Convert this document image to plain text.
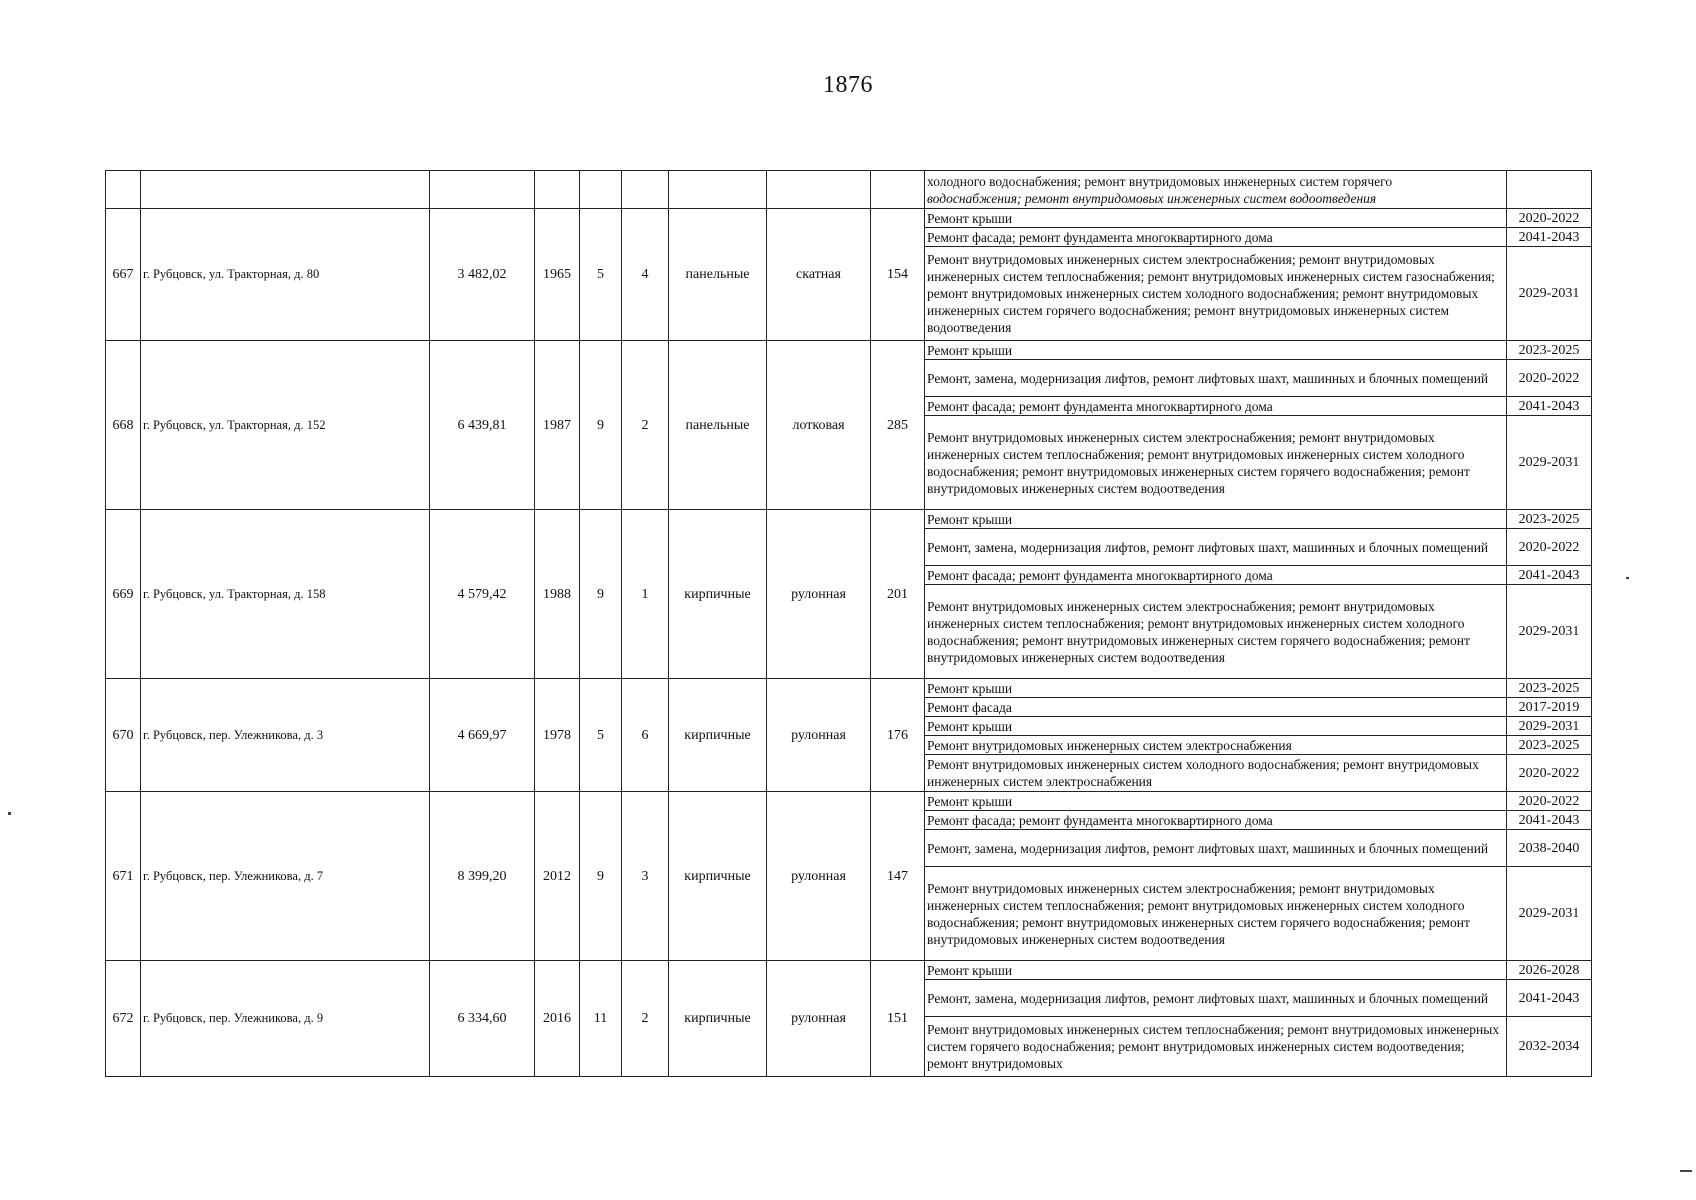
1876

									холодного водоснабжения; ремонт внутридомовых инженерных систем горячего
водоснабжения; ремонт внутридомовых инженерных систем водоотведения	

667	г. Рубцовск, ул. Тракторная, д. 80	3 482,02	1965	5	4	панельные	скатная	154	Ремонт крыши	2020-2022
									Ремонт фасада; ремонт фундамента многоквартирного дома	2041-2043
									Ремонт внутридомовых инженерных систем электроснабжения; ремонт внутридомовых инженерных систем теплоснабжения; ремонт внутридомовых инженерных систем газоснабжения; ремонт внутридомовых инженерных систем холодного водоснабжения; ремонт внутридомовых инженерных систем горячего водоснабжения; ремонт внутридомовых инженерных систем водоотведения	2029-2031
668	г. Рубцовск, ул. Тракторная, д. 152	6 439,81	1987	9	2	панельные	лотковая	285	Ремонт крыши	2023-2025
									Ремонт, замена, модернизация лифтов, ремонт лифтовых шахт, машинных и блочных помещений	2020-2022
									Ремонт фасада; ремонт фундамента многоквартирного дома	2041-2043
									Ремонт внутридомовых инженерных систем электроснабжения; ремонт внутридомовых инженерных систем теплоснабжения; ремонт внутридомовых инженерных систем холодного водоснабжения; ремонт внутридомовых инженерных систем горячего водоснабжения; ремонт внутридомовых инженерных систем водоотведения	2029-2031
669	г. Рубцовск, ул. Тракторная, д. 158	4 579,42	1988	9	1	кирпичные	рулонная	201	Ремонт крыши	2023-2025
									Ремонт, замена, модернизация лифтов, ремонт лифтовых шахт, машинных и блочных помещений	2020-2022
									Ремонт фасада; ремонт фундамента многоквартирного дома	2041-2043
									Ремонт внутридомовых инженерных систем электроснабжения; ремонт внутридомовых инженерных систем теплоснабжения; ремонт внутридомовых инженерных систем холодного водоснабжения; ремонт внутридомовых инженерных систем горячего водоснабжения; ремонт внутридомовых инженерных систем водоотведения	2029-2031
670	г. Рубцовск, пер. Улежникова, д. 3	4 669,97	1978	5	6	кирпичные	рулонная	176	Ремонт крыши	2023-2025
									Ремонт фасада	2017-2019
									Ремонт крыши	2029-2031
									Ремонт внутридомовых инженерных систем электроснабжения	2023-2025
									Ремонт внутридомовых инженерных систем холодного водоснабжения; ремонт внутридомовых инженерных систем электроснабжения	2020-2022
671	г. Рубцовск, пер. Улежникова, д. 7	8 399,20	2012	9	3	кирпичные	рулонная	147	Ремонт крыши	2020-2022
									Ремонт фасада; ремонт фундамента многоквартирного дома	2041-2043
									Ремонт, замена, модернизация лифтов, ремонт лифтовых шахт, машинных и блочных помещений	2038-2040
									Ремонт внутридомовых инженерных систем электроснабжения; ремонт внутридомовых инженерных систем теплоснабжения; ремонт внутридомовых инженерных систем холодного водоснабжения; ремонт внутридомовых инженерных систем горячего водоснабжения; ремонт внутридомовых инженерных систем водоотведения	2029-2031
672	г. Рубцовск, пер. Улежникова, д. 9	6 334,60	2016	11	2	кирпичные	рулонная	151	Ремонт крыши	2026-2028
									Ремонт, замена, модернизация лифтов, ремонт лифтовых шахт, машинных и блочных помещений	2041-2043
									Ремонт внутридомовых инженерных систем теплоснабжения; ремонт внутридомовых инженерных систем горячего водоснабжения; ремонт внутридомовых инженерных систем водоотведения; ремонт внутридомовых	2032-2034
